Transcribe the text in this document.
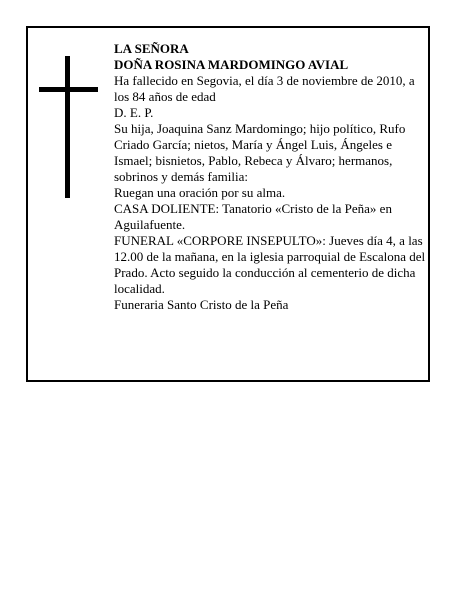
LA SEÑORA

DOÑA ROSINA MARDOMINGO AVIAL

Ha fallecido en Segovia, el día 3 de noviembre de 2010, a los 84 años de edad

D. E. P.

Su hija, Joaquina Sanz Mardomingo; hijo político, Rufo Criado García; nietos, María y Ángel Luis, Ángeles e Ismael; bisnietos, Pablo, Rebeca y Álvaro; hermanos, sobrinos y demás familia:

Ruegan una oración por su alma.

CASA DOLIENTE: Tanatorio «Cristo de la Peña» en Aguilafuente.

FUNERAL «CORPORE INSEPULTO»: Jueves día 4, a las 12.00 de la mañana, en la iglesia parroquial de Escalona del Prado. Acto seguido la conducción al cementerio de dicha localidad.

Funeraria Santo Cristo de la Peña
